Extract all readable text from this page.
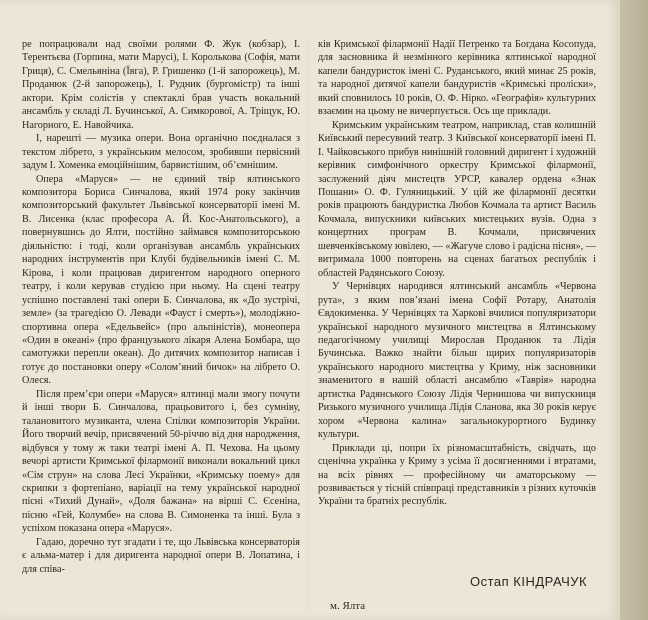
ре попрацювали над своїми ролями Ф. Жук (кобзар), І. Терентьєва (Горпина, мати Марусі), І. Королькова (Софія, мати Гриця), С. Смельяніна (Ївга), Р. Гришенко (1-й запорожець), М. Проданюк (2-й запорожець), І. Рудник (бургомістр) та інші актори. Крім солістів у спектаклі брав участь вокальний ансамбль у складі Л. Бучинської, А. Симкорової, А. Тріщук, Ю. Нагорного, Е. Навойчика.

І, нарешті — музика опери. Вона органічно поєдналася з текстом лібрето, з українським мелосом, зробивши первісний задум І. Хоменка емоційнішим, барвистішим, об’ємнішим.

Опера «Маруся» — не єдиний твір ялтинського композитора Бориса Синчалова, який 1974 року закінчив композиторський факультет Львівської консерваторії імені М. В. Лисенка (клас професора А. Й. Кос-Анатольського), а повернувшись до Ялти, постійно займався композиторською діяльністю: і тоді, коли організував ансамбль українських народних інструментів при Клубі будівельників імені С. М. Кірова, і коли працював диригентом народного оперного театру, і коли керував студією при ньому. На сцені театру успішно поставлені такі опери Б. Синчалова, як «До зустрічі, земле» (за трагедією О. Левади «Фауст і смерть»), молодіжно-спортивна опера «Едельвейс» (про альпіністів), монеопера «Один в океані» (про французького лікаря Алена Бомбара, що самотужки перепли океан). До дитячих композитор написав і готує до постановки оперу «Солом’яний бичок» на лібрето О. Олеся.

Після прем’єри опери «Маруся» ялтинці мали змогу почути й інші твори Б. Синчалова, працьовитого і, без сумніву, талановитого музиканта, члена Спілки композиторів України. Його творчий вечір, присвячений 50-річчю від дня народження, відбувся у тому ж таки театрі імені А. П. Чехова. На цьому вечорі артисти Кримської філармонії виконали вокальний цикл «Сім струн» на слова Лесі Українки, «Кримську поему» для скрипки з фортепіано, варіації на тему української народної пісні «Тихий Дунай», «Доля бажана» на вірші С. Єсеніна, пісню «Гей, Колумбе» на слова В. Симоненка та інші. Була з успіхом показана опера «Маруся».

Гадаю, доречно тут згадати і те, що Львівська консерваторія є альма-матер і для диригента народної опери В. Лопатина, і для співа-

ків Кримської філармонії Надії Петренко та Богдана Косопуда, для засновника й незмінного керівника ялтинської народної капели бандуристок імені С. Руданського, який минає 25 років, та народної дитячої капели бандуристів «Кримські проліски», який сповнилось 10 років, О. Ф. Нірко. «Географія» культурних взаємин на цьому не вичерпується. Ось ще приклади.

Кримським українським театром, наприклад, став колишній Київський пересувний театр. З Київської консерваторії імені П. І. Чайковського прибув нинішній головний диригент і художній керівник симфонічного оркестру Кримської філармонії, заслужений діяч мистецтв УРСР, кавалер ордена «Знак Пошани» О. Ф. Гуляницький. У цій же філармонії десятки років працюють бандуристка Любов Кочмала та артист Василь Кочмала, випускники київських мистецьких вузів. Одна з концертних програм В. Кочмали, присвячених шевченківському ювілею, — «Жагуче слово і радісна пісня», — витримала 1000 повторень на сценах багатьох республік і областей Радянського Союзу.

У Чернівцях народився ялтинський ансамбль «Червона рута», з яким пов’язані імена Софії Ротару, Анатолія Євдокименка. У Чернівцях та Харкові вчилися популяризатори української народного музичного мистецтва в Ялтинському педагогічному училищі Мирослав Проданюк та Лідія Бучинська. Важко знайти більш щирих популяризаторів українського народного мистецтва у Криму, ніж засновники знаменитого в нашій області ансамблю «Таврія» народна артистка Радянського Союзу Лідія Чернишова чи випускниця Ризького музичного училища Лідія Сланова, яка 30 років керує хором «Червона калина» загальнокурортного Будинку культури.

Приклади ці, попри їх різномасштабність, свідчать, що сценічна українка у Криму з усіма її досягненнями і втратами, на всіх рівнях — професійному чи аматорському — розвивається у тісній співпраці представників з різних куточків України та братніх республік.

м. Ялта
Остап КІНДРАЧУК
